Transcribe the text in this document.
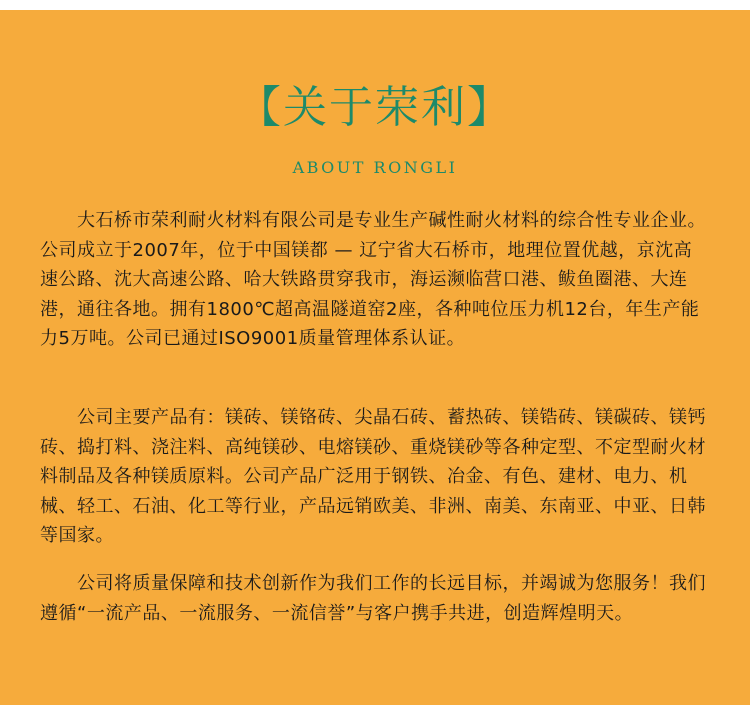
【关于荣利】
ABOUT RONGLI

　　大石桥市荣利耐火材料有限公司是专业生产碱性耐火材料的综合性专业企业。公司成立于2007年，位于中国镁都 — 辽宁省大石桥市，地理位置优越，京沈高速公路、沈大高速公路、哈大铁路贯穿我市，海运濒临营口港、鲅鱼圈港、大连港，通往各地。拥有1800℃超高温隧道窑2座，各种吨位压力机12台，年生产能力5万吨。公司已通过ISO9001质量管理体系认证。

　　公司主要产品有：镁砖、镁铬砖、尖晶石砖、蓄热砖、镁锆砖、镁碳砖、镁钙砖、捣打料、浇注料、高纯镁砂、电熔镁砂、重烧镁砂等各种定型、不定型耐火材料制品及各种镁质原料。公司产品广泛用于钢铁、冶金、有色、建材、电力、机械、轻工、石油、化工等行业，产品远销欧美、非洲、南美、东南亚、中亚、日韩等国家。

　　公司将质量保障和技术创新作为我们工作的长远目标，并竭诚为您服务！我们遵循“一流产品、一流服务、一流信誉”与客户携手共进，创造辉煌明天。
